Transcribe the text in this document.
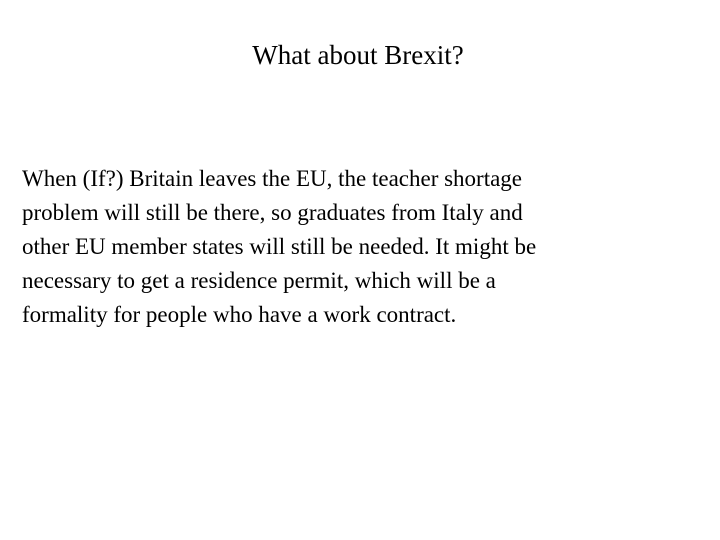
What about Brexit?

When (If?) Britain leaves the EU, the teacher shortage
problem will still be there, so graduates from Italy and
other EU member states will still be needed. It might be
necessary to get a residence permit, which will be a
formality for people who have a work contract.
